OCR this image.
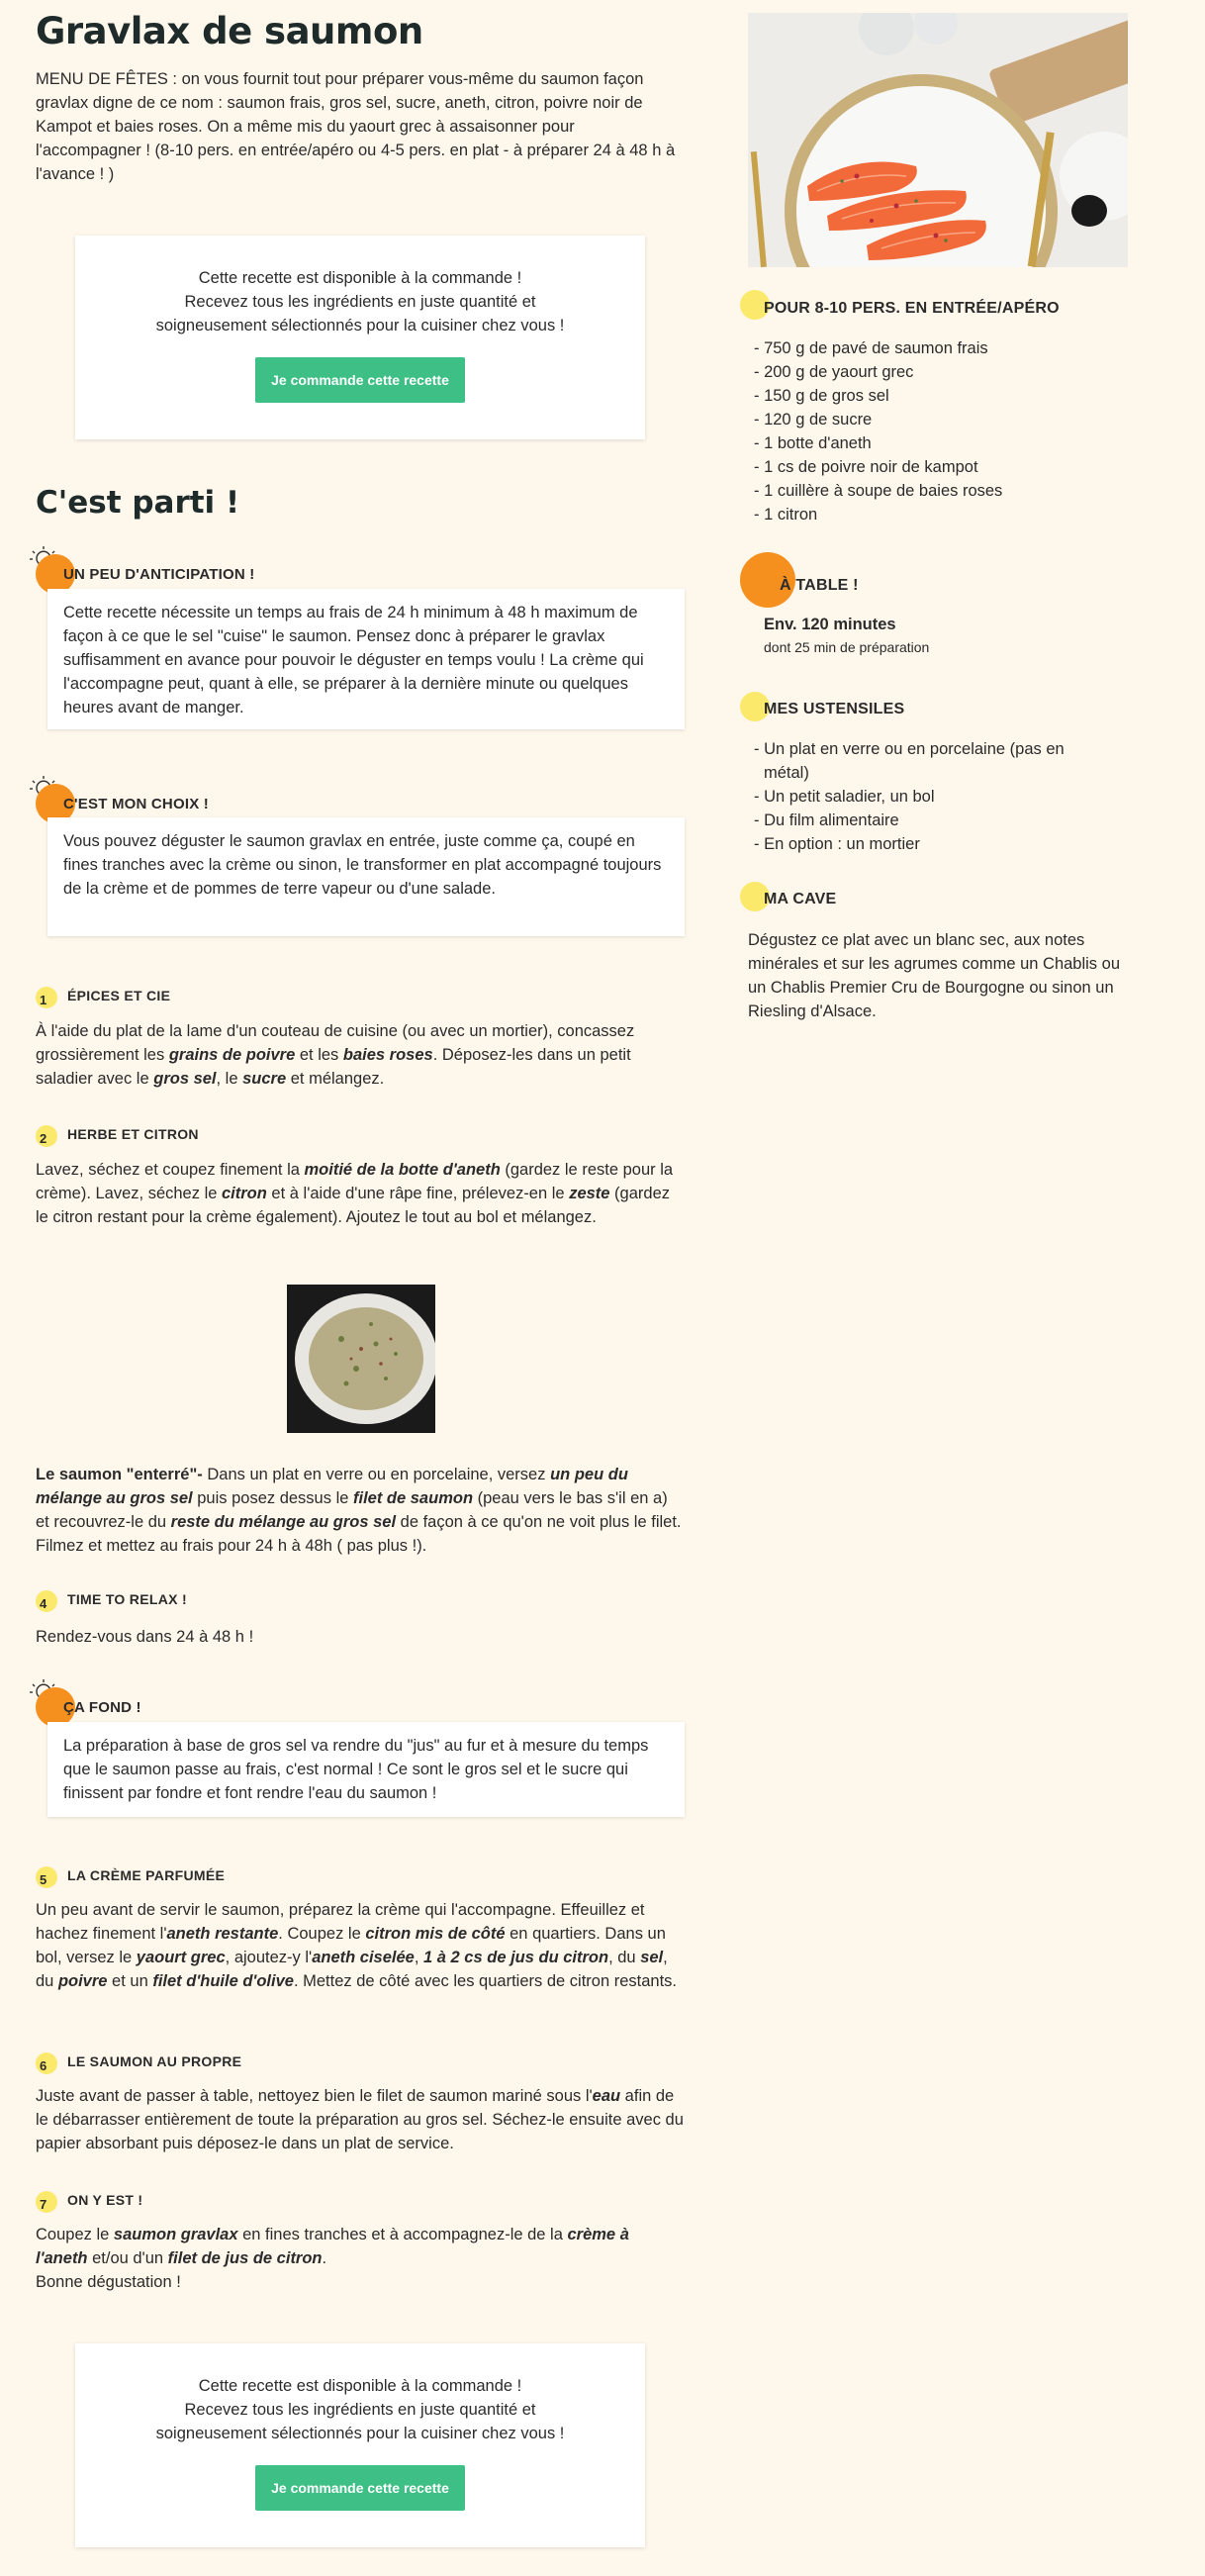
Gravlax de saumon

MENU DE FÊTES : on vous fournit tout pour préparer vous-même du saumon façon gravlax digne de ce nom : saumon frais, gros sel, sucre, aneth, citron, poivre noir de Kampot et baies roses. On a même mis du yaourt grec à assaisonner pour l'accompagner ! (8-10 pers. en entrée/apéro ou 4-5 pers. en plat - à préparer 24 à 48 h à l'avance ! )

Cette recette est disponible à la commande !

Recevez tous les ingrédients en juste quantité et

soigneusement sélectionnés pour la cuisiner chez vous !

Je commande cette recette
C'est parti !
UN PEU D'ANTICIPATION !
Cette recette nécessite un temps au frais de 24 h minimum à 48 h maximum de façon à ce que le sel "cuise" le saumon. Pensez donc à préparer le gravlax suffisamment en avance pour pouvoir le déguster en temps voulu ! La crème qui l'accompagne peut, quant à elle, se préparer à la dernière minute ou quelques heures avant de manger.
C'EST MON CHOIX !
Vous pouvez déguster le saumon gravlax en entrée, juste comme ça, coupé en fines tranches avec la crème ou sinon, le transformer en plat accompagné toujours de la crème et de pommes de terre vapeur ou d'une salade.
1 ÉPICES ET CIE

À l'aide du plat de la lame d'un couteau de cuisine (ou avec un mortier), concassez grossièrement les grains de poivre et les baies roses. Déposez-les dans un petit saladier avec le gros sel, le sucre et mélangez.

2 HERBE ET CITRON

Lavez, séchez et coupez finement la moitié de la botte d'aneth (gardez le reste pour la crème). Lavez, séchez le citron et à l'aide d'une râpe fine, prélevez-en le zeste (gardez le citron restant pour la crème également). Ajoutez le tout au bol et mélangez.

Le saumon "enterré"- Dans un plat en verre ou en porcelaine, versez un peu du mélange au gros sel puis posez dessus le filet de saumon (peau vers le bas s'il en a) et recouvrez-le du reste du mélange au gros sel de façon à ce qu'on ne voit plus le filet. Filmez et mettez au frais pour 24 h à 48h ( pas plus !).

4 TIME TO RELAX !

Rendez-vous dans 24 à 48 h !

ÇA FOND !
La préparation à base de gros sel va rendre du "jus" au fur et à mesure du temps que le saumon passe au frais, c'est normal ! Ce sont le gros sel et le sucre qui finissent par fondre et font rendre l'eau du saumon !
5 LA CRÈME PARFUMÉE

Un peu avant de servir le saumon, préparez la crème qui l'accompagne. Effeuillez et hachez finement l'aneth restante. Coupez le citron mis de côté en quartiers. Dans un bol, versez le yaourt grec, ajoutez-y l'aneth ciselée, 1 à 2 cs de jus du citron, du sel, du poivre et un filet d'huile d'olive. Mettez de côté avec les quartiers de citron restants.

6 LE SAUMON AU PROPRE

Juste avant de passer à table, nettoyez bien le filet de saumon mariné sous l'eau afin de le débarrasser entièrement de toute la préparation au gros sel. Séchez-le ensuite avec du papier absorbant puis déposez-le dans un plat de service.

7 ON Y EST !

Coupez le saumon gravlax en fines tranches et à accompagnez-le de la crème à l'aneth et/ou d'un filet de jus de citron.
Bonne dégustation !

Cette recette est disponible à la commande !

Recevez tous les ingrédients en juste quantité et

soigneusement sélectionnés pour la cuisiner chez vous !

Je commande cette recette
POUR 8-10 PERS. EN ENTRÉE/APÉRO
- 750 g de pavé de saumon frais
- 200 g de yaourt grec
- 150 g de gros sel
- 120 g de sucre
- 1 botte d'aneth
- 1 cs de poivre noir de kampot
- 1 cuillère à soupe de baies roses
- 1 citron
À TABLE !
Env. 120 minutes
dont 25 min de préparation
MES USTENSILES
- Un plat en verre ou en porcelaine (pas en
métal)
- Un petit saladier, un bol
- Du film alimentaire
- En option : un mortier
MA CAVE

Dégustez ce plat avec un blanc sec, aux notes minérales et sur les agrumes comme un Chablis ou un Chablis Premier Cru de Bourgogne ou sinon un Riesling d'Alsace.
